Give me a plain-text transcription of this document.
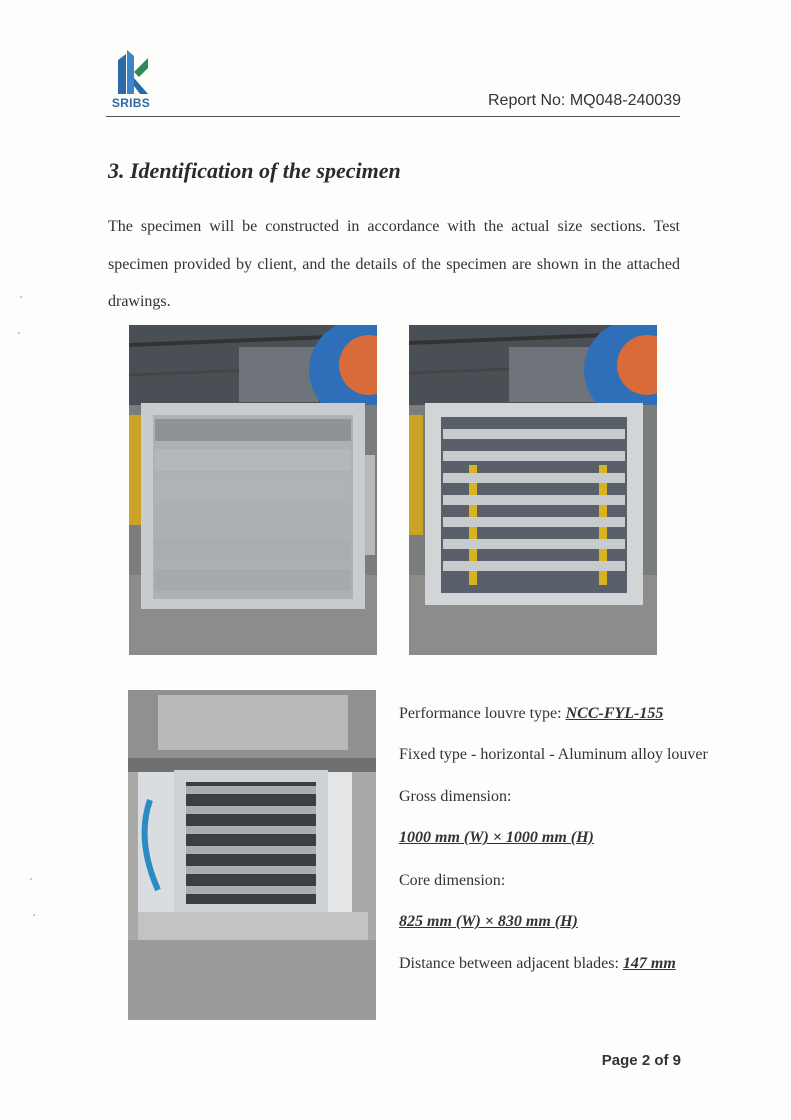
SRIBS	Report No: MQ048-240039
3. Identification of the specimen
The specimen will be constructed in accordance with the actual size sections. Test specimen provided by client, and the details of the specimen are shown in the attached drawings.
Performance louvre type: NCC-FYL-155
Fixed type - horizontal - Aluminum alloy louver
Gross dimension:
1000 mm (W) × 1000 mm (H)
Core dimension:
825 mm (W) × 830 mm (H)
Distance between adjacent blades: 147 mm
Page 2 of 9
